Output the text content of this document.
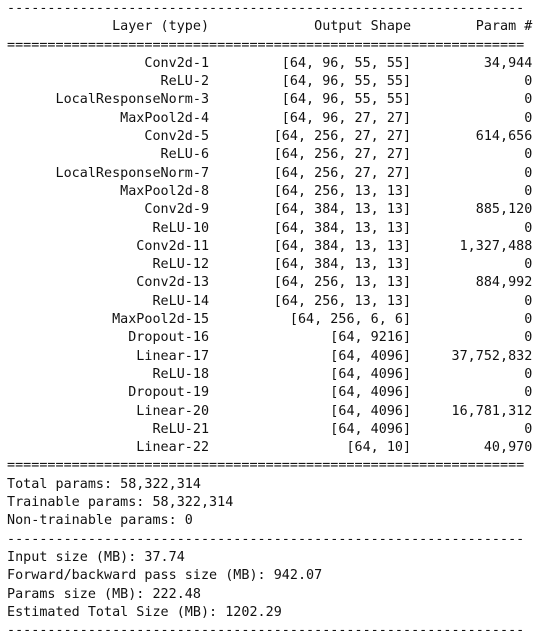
----------------------------------------------------------------
Layer (type)             Output Shape        Param #
================================================================
Conv2d-1         [64, 96, 55, 55]         34,944
ReLU-2         [64, 96, 55, 55]              0
LocalResponseNorm-3         [64, 96, 55, 55]              0
MaxPool2d-4         [64, 96, 27, 27]              0
Conv2d-5        [64, 256, 27, 27]        614,656
ReLU-6        [64, 256, 27, 27]              0
LocalResponseNorm-7        [64, 256, 27, 27]              0
MaxPool2d-8        [64, 256, 13, 13]              0
Conv2d-9        [64, 384, 13, 13]        885,120
ReLU-10        [64, 384, 13, 13]              0
Conv2d-11        [64, 384, 13, 13]      1,327,488
ReLU-12        [64, 384, 13, 13]              0
Conv2d-13        [64, 256, 13, 13]        884,992
ReLU-14        [64, 256, 13, 13]              0
MaxPool2d-15          [64, 256, 6, 6]              0
Dropout-16               [64, 9216]              0
Linear-17               [64, 4096]     37,752,832
ReLU-18               [64, 4096]              0
Dropout-19               [64, 4096]              0
Linear-20               [64, 4096]     16,781,312
ReLU-21               [64, 4096]              0
Linear-22                 [64, 10]         40,970
================================================================
Total params: 58,322,314
Trainable params: 58,322,314
Non-trainable params: 0
----------------------------------------------------------------
Input size (MB): 37.74
Forward/backward pass size (MB): 942.07
Params size (MB): 222.48
Estimated Total Size (MB): 1202.29
----------------------------------------------------------------
